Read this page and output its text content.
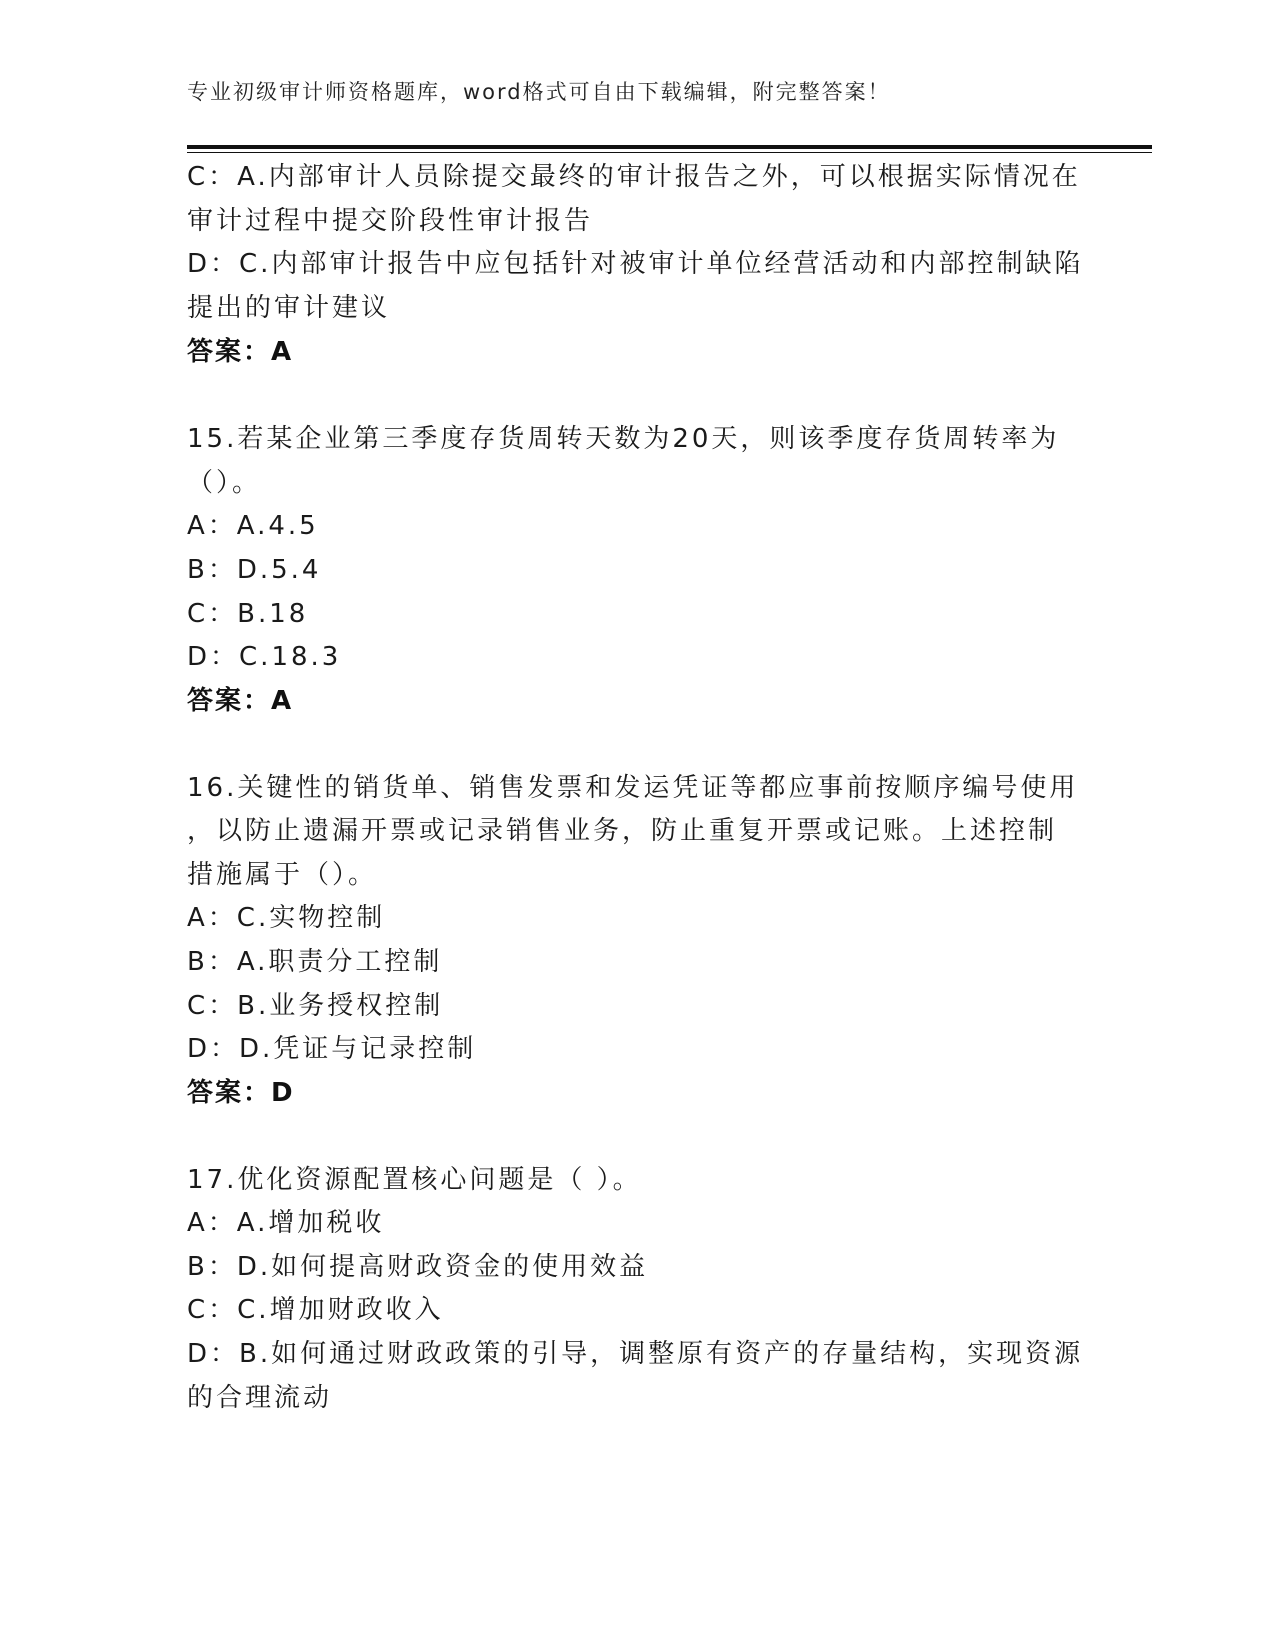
专业初级审计师资格题库，word格式可自由下载编辑，附完整答案！
C：A.内部审计人员除提交最终的审计报告之外，可以根据实际情况在
审计过程中提交阶段性审计报告
D：C.内部审计报告中应包括针对被审计单位经营活动和内部控制缺陷
提出的审计建议
答案：A
15.若某企业第三季度存货周转天数为20天，则该季度存货周转率为
（）。
A：A.4.5
B：D.5.4
C：B.18
D：C.18.3
答案：A
16.关键性的销货单、销售发票和发运凭证等都应事前按顺序编号使用
，以防止遗漏开票或记录销售业务，防止重复开票或记账。上述控制
措施属于（）。
A：C.实物控制
B：A.职责分工控制
C：B.业务授权控制
D：D.凭证与记录控制
答案：D
17.优化资源配置核心问题是（ ）。
A：A.增加税收
B：D.如何提高财政资金的使用效益
C：C.增加财政收入
D：B.如何通过财政政策的引导，调整原有资产的存量结构，实现资源
的合理流动
